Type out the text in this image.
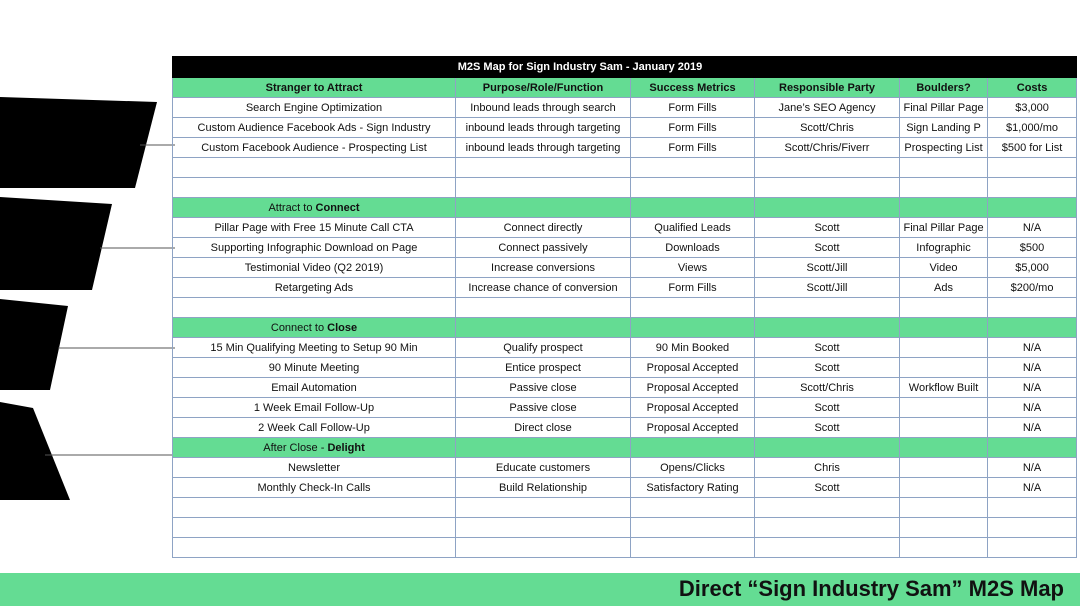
M2S Map for Sign Industry Sam - January 2019					
Stranger to Attract	Purpose/Role/Function	Success Metrics	Responsible Party	Boulders?	Costs
Search Engine Optimization	Inbound leads through search	Form Fills	Jane’s SEO Agency	Final Pillar Page	$3,000
Custom Audience Facebook Ads - Sign Industry	inbound leads through targeting	Form Fills	Scott/Chris	Sign Landing P	$1,000/mo
Custom Facebook Audience - Prospecting List	inbound leads through targeting	Form Fills	Scott/Chris/Fiverr	Prospecting List	$500 for List

Attract to Connect					
Pillar Page with Free 15 Minute Call CTA	Connect directly	Qualified Leads	Scott	Final Pillar Page	N/A
Supporting Infographic Download on Page	Connect passively	Downloads	Scott	Infographic	$500
Testimonial Video (Q2 2019)	Increase conversions	Views	Scott/Jill	Video	$5,000
Retargeting Ads	Increase chance of conversion	Form Fills	Scott/Jill	Ads	$200/mo

Connect to Close					
15 Min Qualifying Meeting to Setup 90 Min	Qualify prospect	90 Min Booked	Scott		N/A
90 Minute Meeting	Entice prospect	Proposal Accepted	Scott		N/A
Email Automation	Passive close	Proposal Accepted	Scott/Chris	Workflow Built	N/A
1 Week Email Follow-Up	Passive close	Proposal Accepted	Scott		N/A
2 Week Call Follow-Up	Direct close	Proposal Accepted	Scott		N/A
After Close - Delight					
Newsletter	Educate customers	Opens/Clicks	Chris		N/A
Monthly Check-In Calls	Build Relationship	Satisfactory Rating	Scott		N/A

Direct “Sign Industry Sam” M2S Map
